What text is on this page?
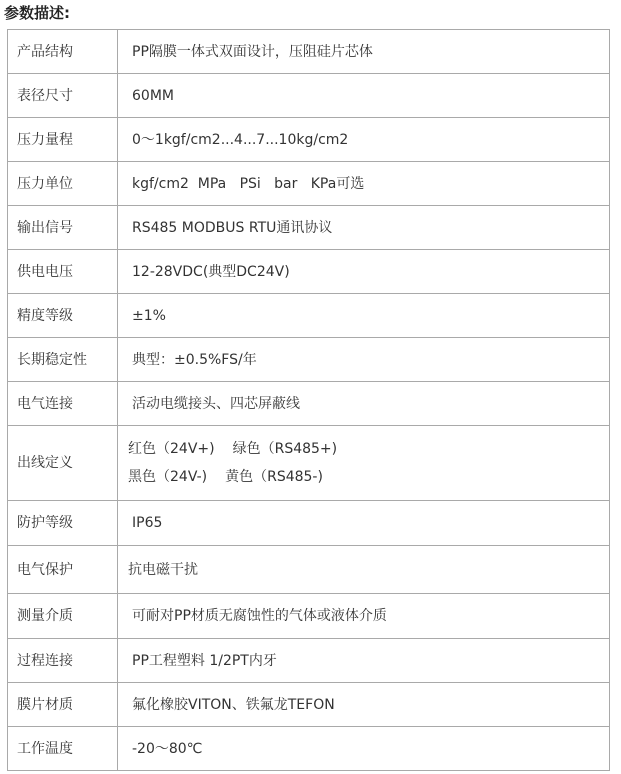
参数描述:
产品结构	PP隔膜一体式双面设计，压阻硅片芯体
表径尺寸	60MM
压力量程	0～1kgf/cm2...4...7...10kg/cm2
压力单位	kgf/cm2  MPa   PSi   bar   KPa可选
输出信号	RS485 MODBUS RTU通讯协议
供电电压	12-28VDC(典型DC24V)
精度等级	±1%
长期稳定性	典型：±0.5%FS/年
电气连接	活动电缆接头、四芯屏蔽线
出线定义	红色（24V+) 绿色（RS485+)
黑色（24V-) 黄色（RS485-)

防护等级	IP65
电气保护	抗电磁干扰
测量介质	可耐对PP材质无腐蚀性的气体或液体介质
过程连接	PP工程塑料 1/2PT内牙
膜片材质	氟化橡胶VITON、铁氟龙TEFON
工作温度	-20～80℃
